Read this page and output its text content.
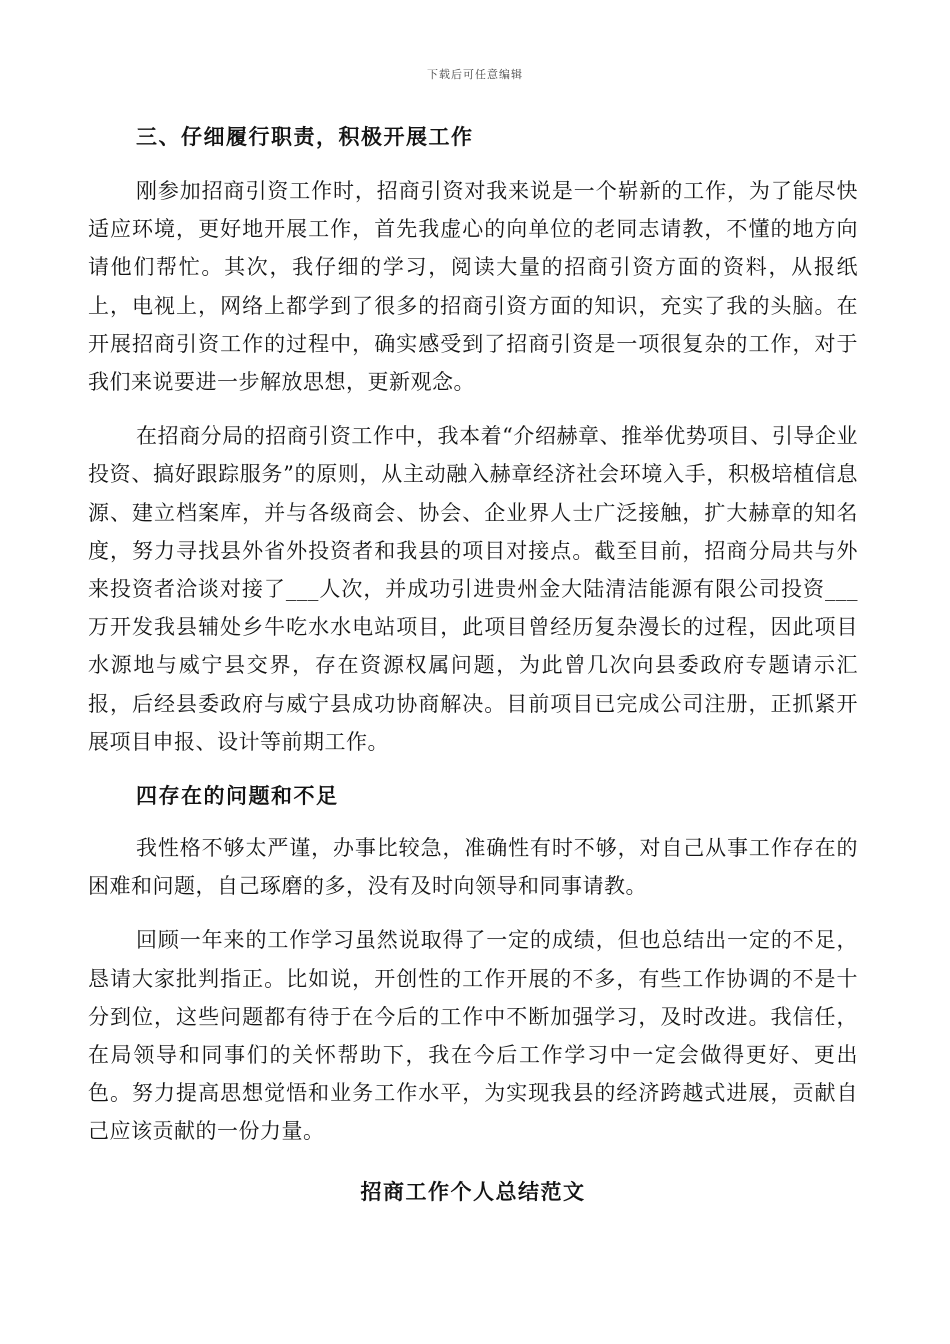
下载后可任意编辑
三、仔细履行职责，积极开展工作

刚参加招商引资工作时，招商引资对我来说是一个崭新的工作，为了能尽快适应环境，更好地开展工作，首先我虚心的向单位的老同志请教，不懂的地方向请他们帮忙。其次，我仔细的学习，阅读大量的招商引资方面的资料，从报纸上，电视上，网络上都学到了很多的招商引资方面的知识，充实了我的头脑。在开展招商引资工作的过程中，确实感受到了招商引资是一项很复杂的工作，对于我们来说要进一步解放思想，更新观念。

在招商分局的招商引资工作中，我本着“介绍赫章、推举优势项目、引导企业投资、搞好跟踪服务”的原则，从主动融入赫章经济社会环境入手，积极培植信息源、建立档案库，并与各级商会、协会、企业界人士广泛接触，扩大赫章的知名度，努力寻找县外省外投资者和我县的项目对接点。截至目前，招商分局共与外来投资者洽谈对接了___人次，并成功引进贵州金大陆清洁能源有限公司投资___万开发我县辅处乡牛吃水水电站项目，此项目曾经历复杂漫长的过程，因此项目水源地与威宁县交界，存在资源权属问题，为此曾几次向县委政府专题请示汇报，后经县委政府与威宁县成功协商解决。目前项目已完成公司注册，正抓紧开展项目申报、设计等前期工作。

四存在的问题和不足

我性格不够太严谨，办事比较急，准确性有时不够，对自己从事工作存在的困难和问题，自己琢磨的多，没有及时向领导和同事请教。

回顾一年来的工作学习虽然说取得了一定的成绩，但也总结出一定的不足，恳请大家批判指正。比如说，开创性的工作开展的不多，有些工作协调的不是十分到位，这些问题都有待于在今后的工作中不断加强学习，及时改进。我信任，在局领导和同事们的关怀帮助下，我在今后工作学习中一定会做得更好、更出色。努力提高思想觉悟和业务工作水平，为实现我县的经济跨越式进展，贡献自己应该贡献的一份力量。

招商工作个人总结范文
